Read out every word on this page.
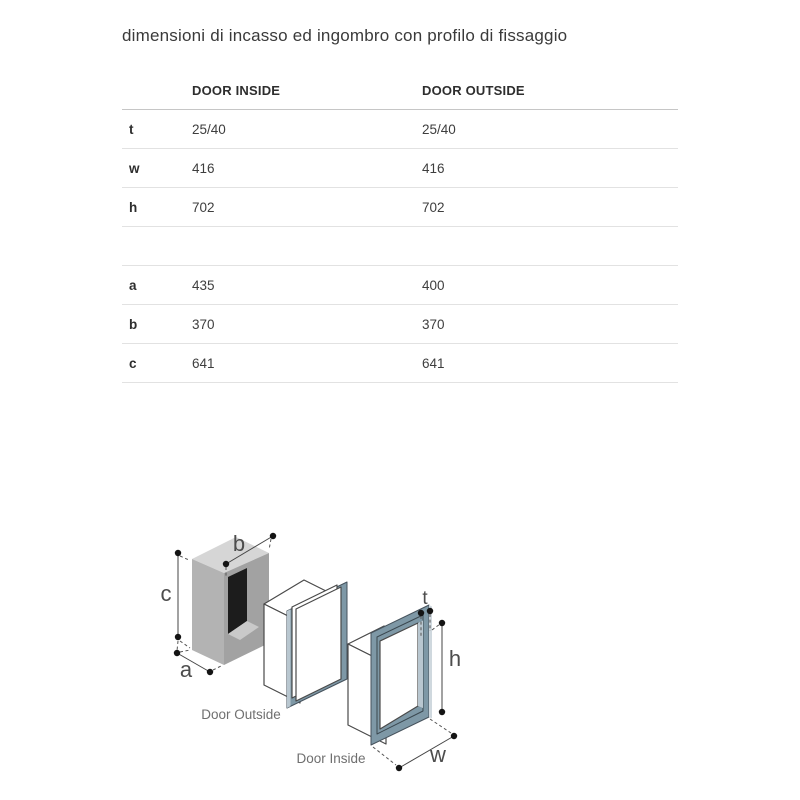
dimensioni di incasso ed ingombro con profilo di fissaggio
	DOOR INSIDE	DOOR OUTSIDE
t	25/40	25/40
w	416	416
h	702	702

a	435	400
b	370	370
c	641	641
c
a
b
Door Outside
Door Inside
t
h
w
